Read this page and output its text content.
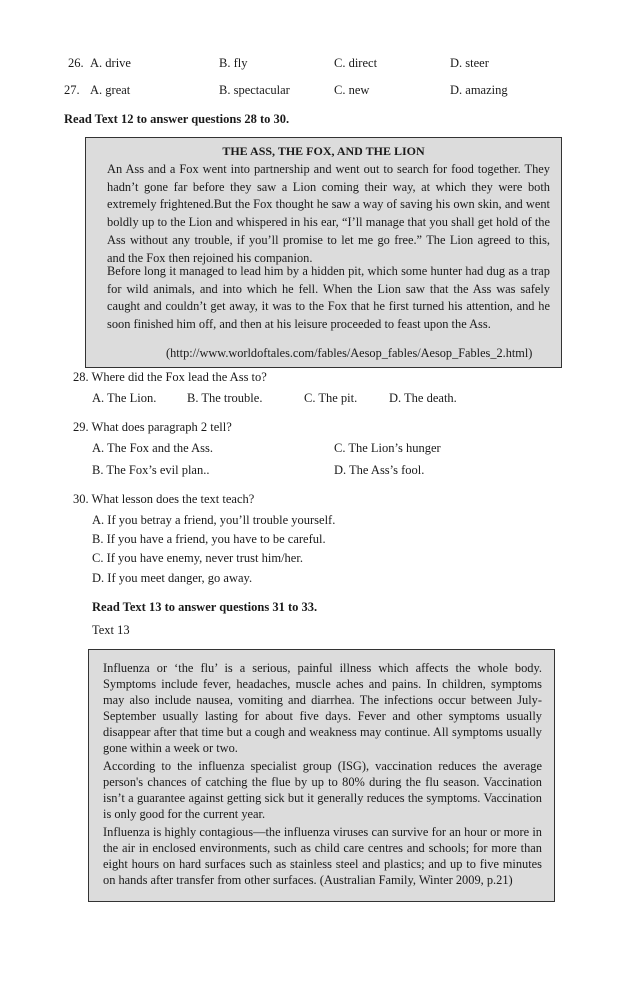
26. A. drive	B. fly	C. direct	D. steer
27. A. great	B. spectacular	C. new	D. amazing
Read Text 12 to answer questions 28 to 30.
THE ASS, THE FOX, AND THE LION
An Ass and a Fox went into partnership and went out to search for food together. They hadn’t gone far before they saw a Lion coming their way, at which they were both extremely frightened.But the Fox thought he saw a way of saving his own skin, and went boldly up to the Lion and whispered in his ear, “I’ll manage that you shall get hold of the Ass without any trouble, if you’ll promise to let me go free.” The Lion agreed to this, and the Fox then rejoined his companion.
Before long it managed to lead him by a hidden pit, which some hunter had dug as a trap for wild animals, and into which he fell. When the Lion saw that the Ass was safely caught and couldn’t get away, it was to the Fox that he first turned his attention, and he soon finished him off, and then at his leisure proceeded to feast upon the Ass.
(http://www.worldoftales.com/fables/Aesop_fables/Aesop_Fables_2.html)
28. Where did the Fox lead the Ass to?
A. The Lion. B. The trouble.	C. The pit.	D. The death.
29. What does paragraph 2 tell?
A. The Fox and the Ass.	C. The Lion’s hunger
B. The Fox’s evil plan..	D. The Ass’s fool.
30. What lesson does the text teach?
A. If you betray a friend, you’ll trouble yourself.
B. If you have a friend, you have to be careful.
C. If you have enemy, never trust him/her.
D. If you meet danger, go away.
Read Text 13 to answer questions 31 to 33.
Text 13
Influenza or ‘the flu’ is a serious, painful illness which affects the whole body. Symptoms include fever, headaches, muscle aches and pains. In children, symptoms may also include nausea, vomiting and diarrhea. The infections occur between July-September usually lasting for about five days. Fever and other symptoms usually disappear after that time but a cough and weakness may continue. All symptoms usually gone within a week or two.
According to the influenza specialist group (ISG), vaccination reduces the average person's chances of catching the flue by up to 80% during the flu season. Vaccination isn’t a guarantee against getting sick but it generally reduces the symptoms. Vaccination is only good for the current year.
Influenza is highly contagious—the influenza viruses can survive for an hour or more in the air in enclosed environments, such as child care centres and schools; for more than eight hours on hard surfaces such as stainless steel and plastics; and up to five minutes on hands after transfer from other surfaces. (Australian Family, Winter 2009, p.21)
